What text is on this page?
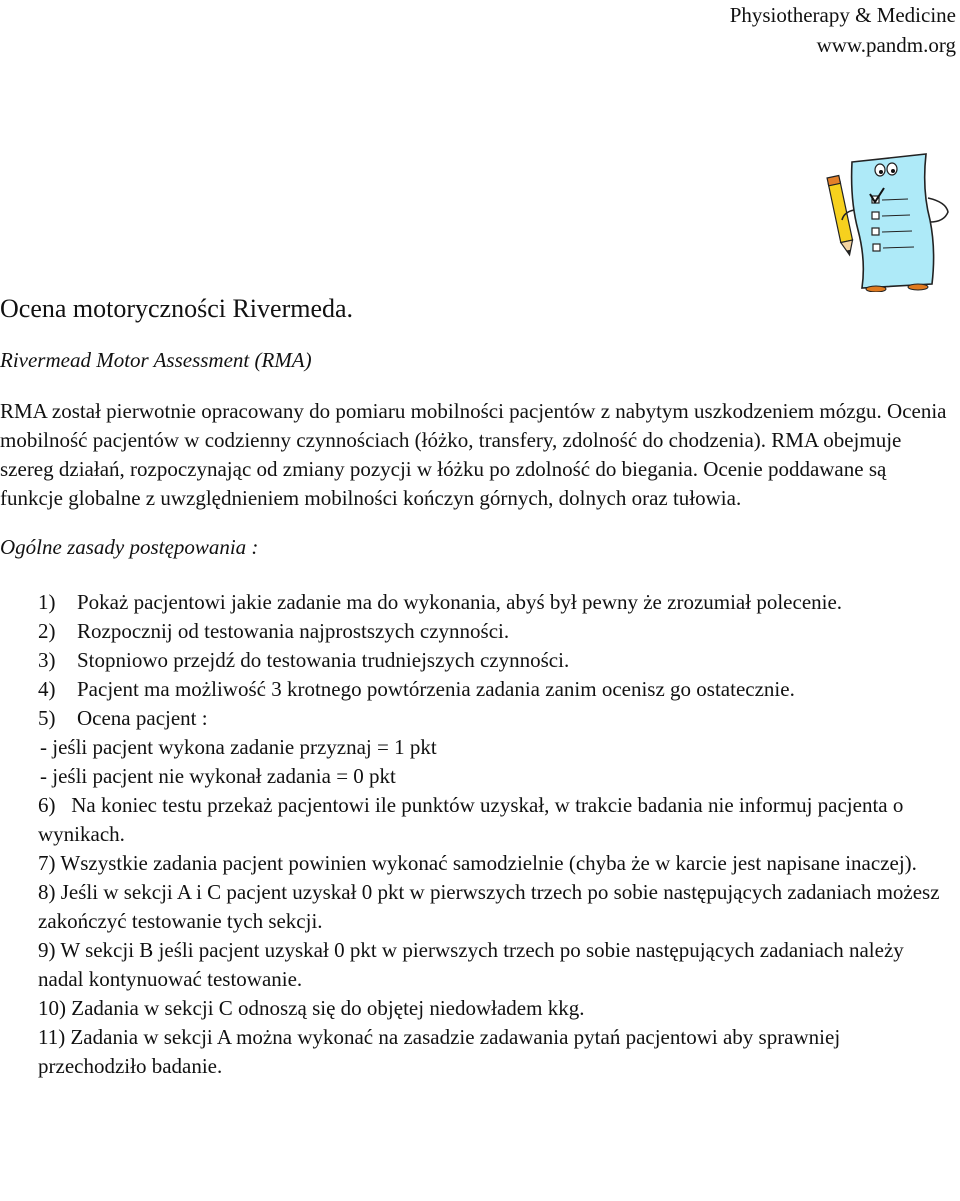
Physiotherapy & Medicine
www.pandm.org
Ocena motoryczności Rivermeda.
Rivermead Motor Assessment (RMA)
RMA został pierwotnie opracowany do pomiaru mobilności pacjentów z nabytym uszkodzeniem mózgu. Ocenia mobilność pacjentów w codzienny czynnościach (łóżko, transfery, zdolność do chodzenia). RMA obejmuje szereg działań, rozpoczynając od zmiany pozycji w łóżku po zdolność do biegania. Ocenie poddawane są funkcje globalne z uwzględnieniem mobilności kończyn górnych, dolnych oraz tułowia.
Ogólne zasady postępowania :
1) Pokaż pacjentowi jakie zadanie ma do wykonania, abyś był pewny że zrozumiał polecenie.
2) Rozpocznij od testowania najprostszych czynności.
3) Stopniowo przejdź do testowania trudniejszych czynności.
4) Pacjent ma możliwość 3 krotnego powtórzenia zadania zanim ocenisz go ostatecznie.
5) Ocena pacjent :
- jeśli pacjent wykona zadanie przyznaj = 1 pkt
- jeśli pacjent nie wykonał zadania = 0 pkt
6) Na koniec testu przekaż pacjentowi ile punktów uzyskał, w trakcie badania nie informuj pacjenta o wynikach.
7) Wszystkie zadania pacjent powinien wykonać samodzielnie (chyba że w karcie jest napisane inaczej).
8) Jeśli w sekcji A i C pacjent uzyskał 0 pkt w pierwszych trzech po sobie następujących zadaniach możesz zakończyć testowanie tych sekcji.
9) W sekcji B jeśli pacjent uzyskał 0 pkt w pierwszych trzech po sobie następujących zadaniach należy nadal kontynuować testowanie.
10) Zadania w sekcji C odnoszą się do objętej niedowładem kkg.
11) Zadania w sekcji A można wykonać na zasadzie zadawania pytań pacjentowi aby sprawniej przechodziło badanie.
